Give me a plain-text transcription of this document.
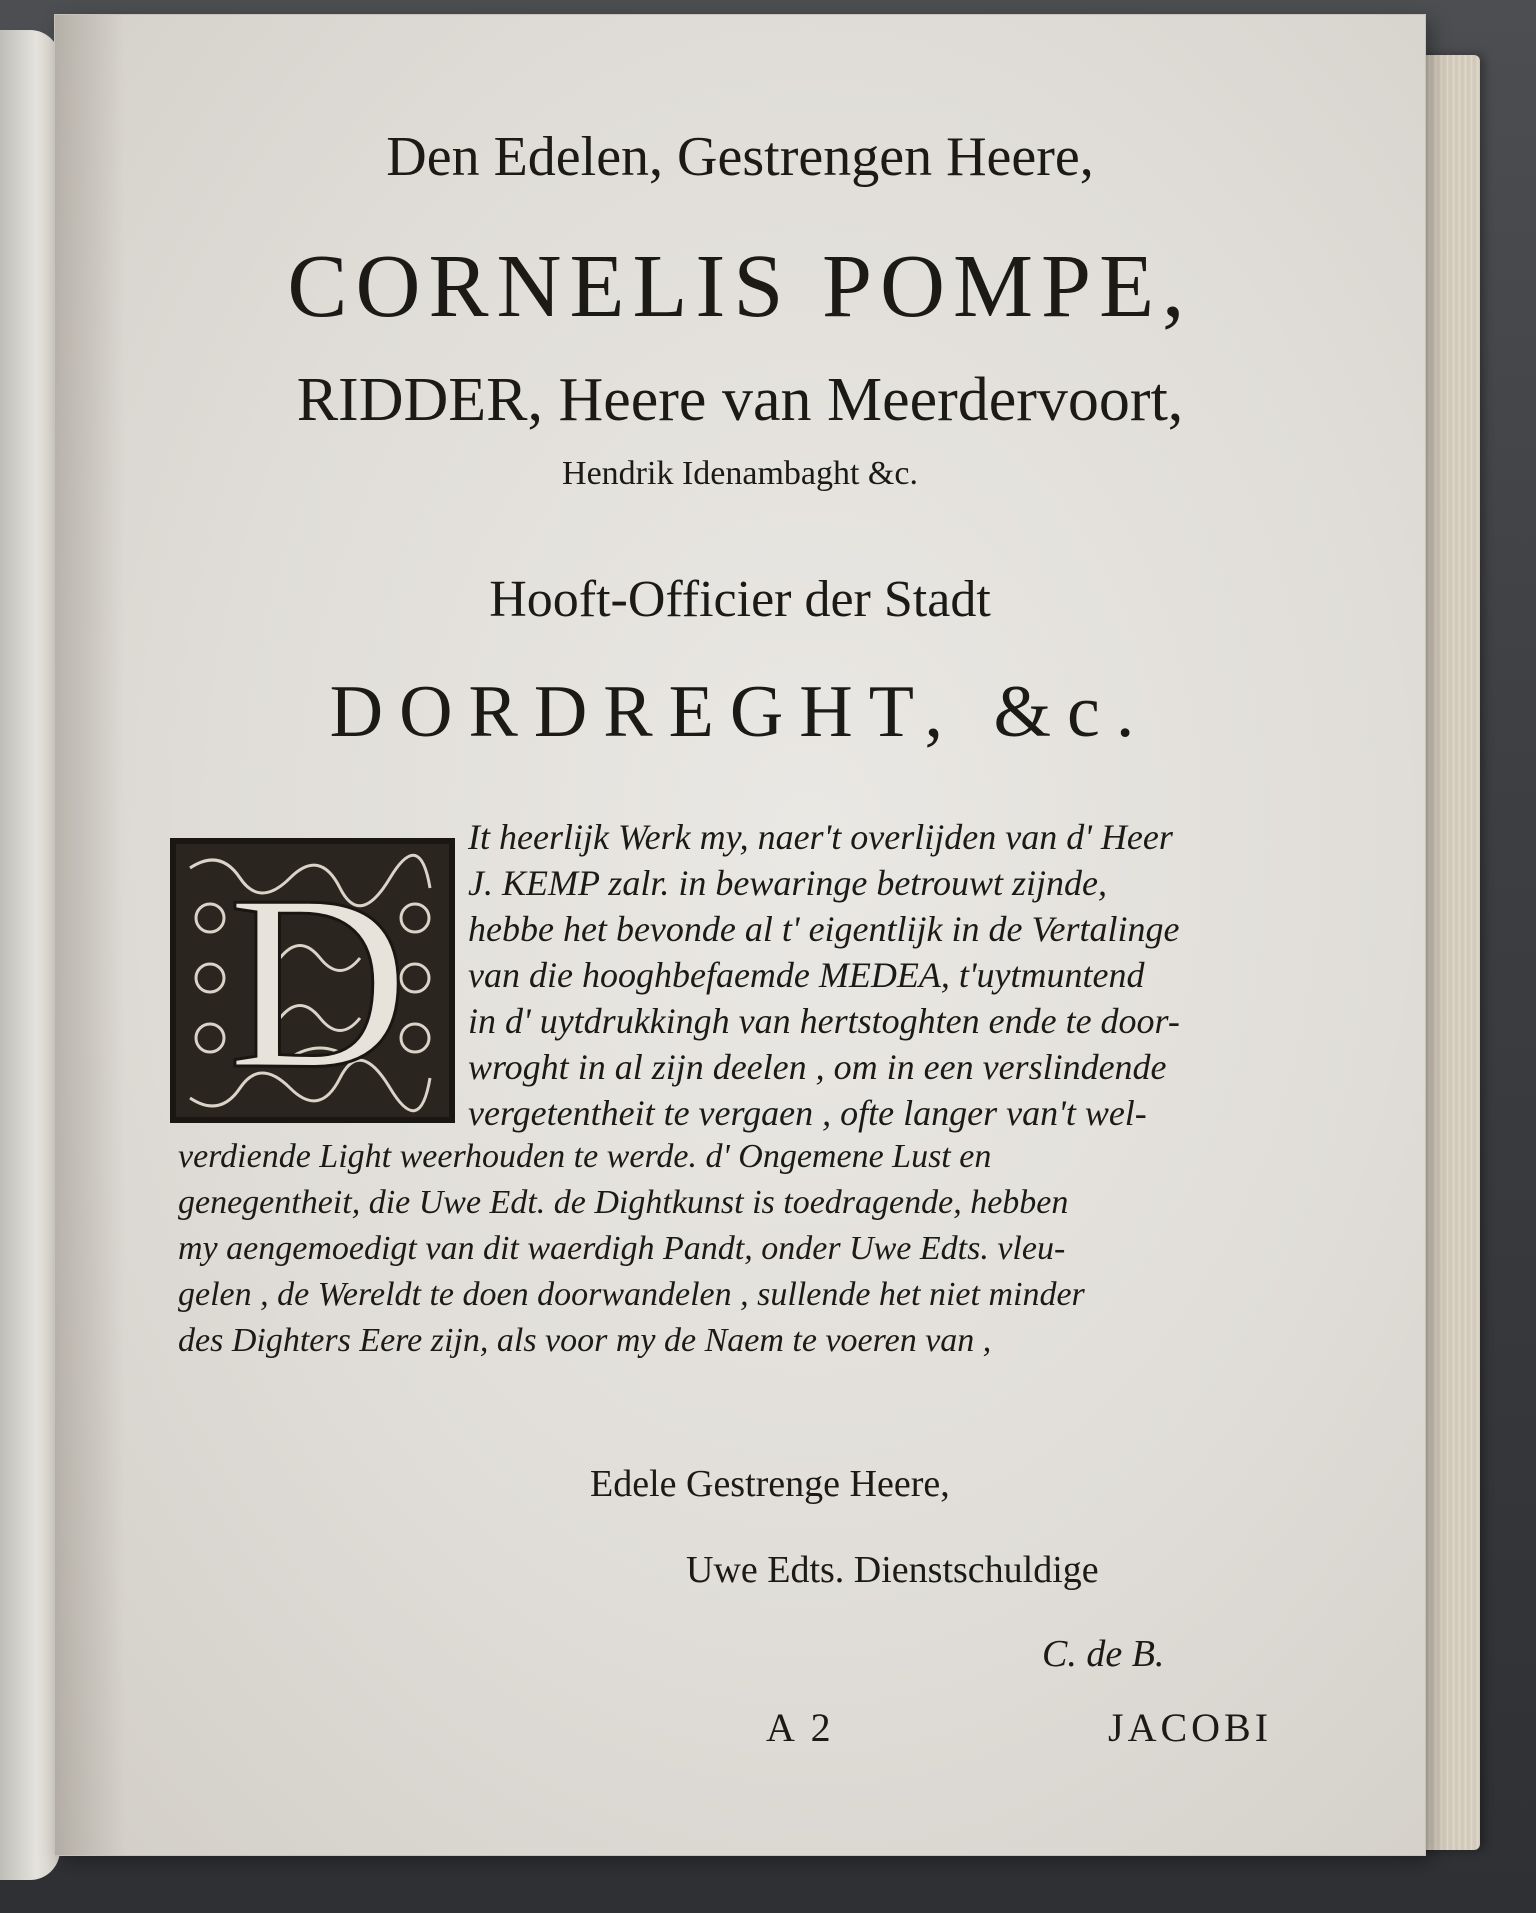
Den Edelen, Gestrengen Heere,
CORNELIS POMPE,
RIDDER, Heere van Meerdervoort,
Hendrik Idenambaght &c.
Hooft-Officier der Stadt
DORDREGHT, &c.
D
It heerlijk Werk my, naer't overlijden van d' Heer
J. KEMP zalr. in bewaringe betrouwt zijnde,
hebbe het bevonde al t' eigentlijk in de Vertalinge
van die hooghbefaemde MEDEA, t'uytmuntend
in d' uytdrukkingh van hertstoghten ende te door-
wroght in al zijn deelen , om in een verslindende
vergetentheit te vergaen , ofte langer van't wel-
verdiende Light weerhouden te werde. d' Ongemene Lust en
genegentheit, die Uwe Edt. de Dightkunst is toedragende, hebben
my aengemoedigt van dit waerdigh Pandt, onder Uwe Edts. vleu-
gelen , de Wereldt te doen doorwandelen , sullende het niet minder
des Dighters Eere zijn, als voor my de Naem te voeren van ,
Edele Gestrenge Heere,
Uwe Edts. Dienstschuldige
C. de B.
A 2	JACOBI
